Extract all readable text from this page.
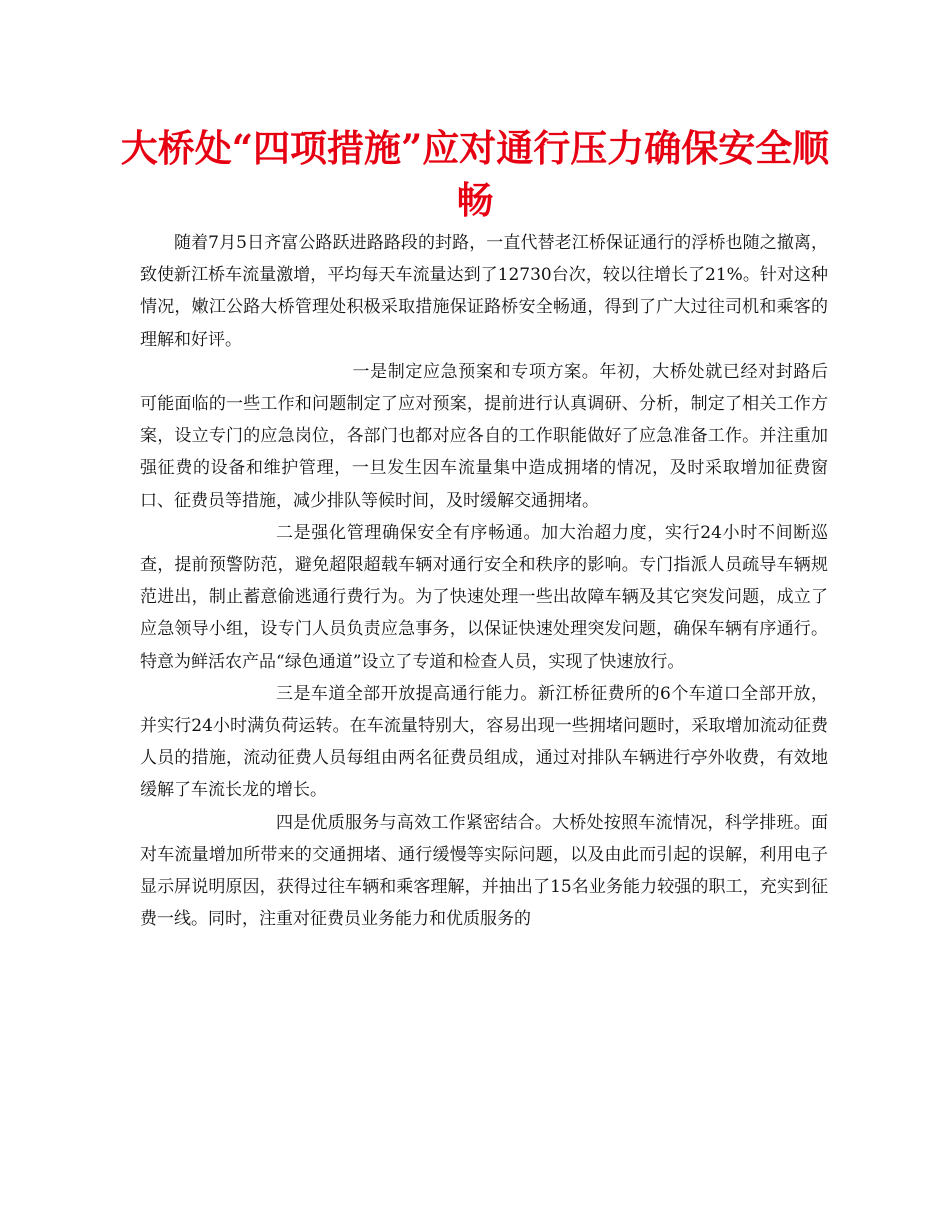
大桥处“四项措施”应对通行压力确保安全顺畅

随着7月5日齐富公路跃进路路段的封路，一直代替老江桥保证通行的浮桥也随之撤离，致使新江桥车流量激增，平均每天车流量达到了12730台次，较以往增长了21%。针对这种情况，嫩江公路大桥管理处积极采取措施保证路桥安全畅通，得到了广大过往司机和乘客的理解和好评。

一是制定应急预案和专项方案。年初，大桥处就已经对封路后可能面临的一些工作和问题制定了应对预案，提前进行认真调研、分析，制定了相关工作方案，设立专门的应急岗位，各部门也都对应各自的工作职能做好了应急准备工作。并注重加强征费的设备和维护管理，一旦发生因车流量集中造成拥堵的情况，及时采取增加征费窗口、征费员等措施，减少排队等候时间，及时缓解交通拥堵。

二是强化管理确保安全有序畅通。加大治超力度，实行24小时不间断巡查，提前预警防范，避免超限超载车辆对通行安全和秩序的影响。专门指派人员疏导车辆规范进出，制止蓄意偷逃通行费行为。为了快速处理一些出故障车辆及其它突发问题，成立了应急领导小组，设专门人员负责应急事务，以保证快速处理突发问题，确保车辆有序通行。特意为鲜活农产品“绿色通道”设立了专道和检查人员，实现了快速放行。

三是车道全部开放提高通行能力。新江桥征费所的6个车道口全部开放，并实行24小时满负荷运转。在车流量特别大，容易出现一些拥堵问题时，采取增加流动征费人员的措施，流动征费人员每组由两名征费员组成，通过对排队车辆进行亭外收费，有效地缓解了车流长龙的增长。

四是优质服务与高效工作紧密结合。大桥处按照车流情况，科学排班。面对车流量增加所带来的交通拥堵、通行缓慢等实际问题，以及由此而引起的误解，利用电子显示屏说明原因，获得过往车辆和乘客理解，并抽出了15名业务能力较强的职工，充实到征费一线。同时，注重对征费员业务能力和优质服务的
